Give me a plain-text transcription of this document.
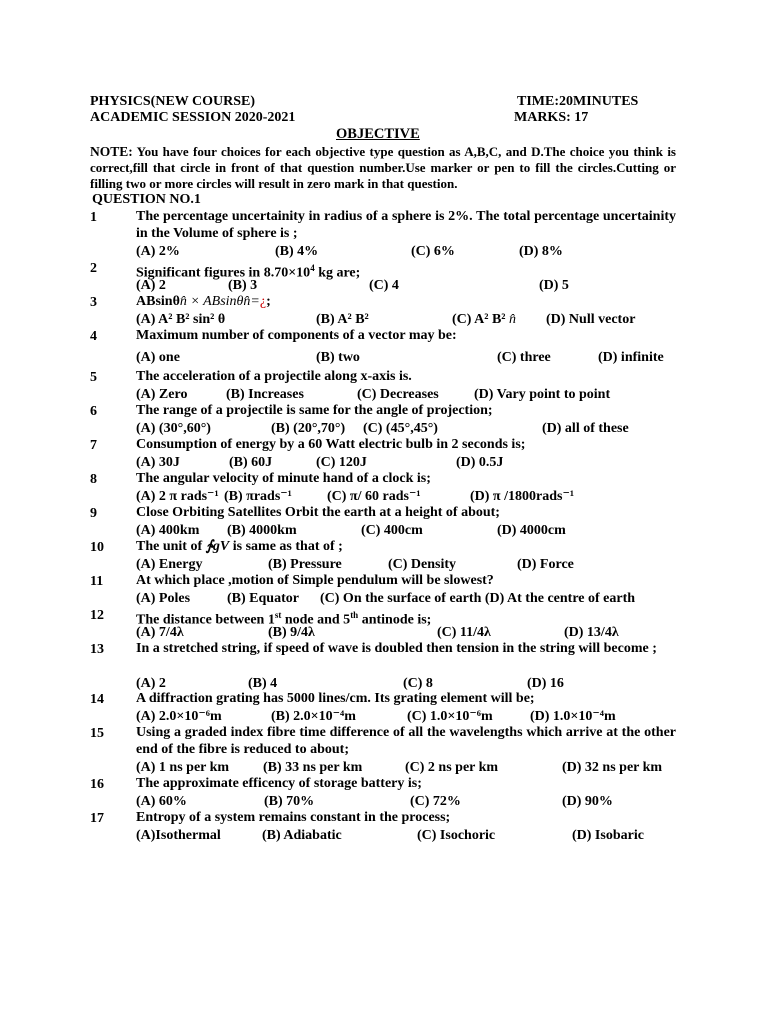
PHYSICS(NEW COURSE)	TIME:20MINUTES
ACADEMIC SESSION 2020-2021	MARKS: 17
OBJECTIVE
NOTE: You have four choices for each objective type question as A,B,C, and D.The choice you think is correct,fill that circle in front of that question number.Use marker or pen to fill the circles.Cutting or filling two or more circles will result in zero mark in that question.
QUESTION NO.1
1	The percentage uncertainity in radius of a sphere is 2%. The total percentage uncertainity in the Volume of sphere is ;
(A) 2%	(B) 4%	(C) 6%	(D) 8%
2	Significant figures in $8.70\times 10^4$ kg are;
(A) 2	(B) 3	(C) 4	(D) 5
3	ABsinθn̂ × ABsinθn̂=¿;
(A) A² B² sin² θ	(B) A² B²	(C) A² B² n̂ (D) Null vector
4	Maximum number of components of a vector may be:
(A) one	(B) two	(C) three	(D) infinite
5	The acceleration of a projectile along x-axis is.
(A) Zero	(B) Increases	(C) Decreases	(D) Vary point to point
6	The range of a projectile is same for the angle of projection;
(A) (30°,60°)	(B) (20°,70°) (C) (45°,45°)	(D) all of these
7	Consumption of energy by a 60 Watt electric bulb in 2 seconds is;
(A) 30J	(B) 60J	(C) 120J	(D) 0.5J
8	The angular velocity of minute hand of a clock is;
(A) 2 π rads⁻¹ (B) πrads⁻¹	(C) π/ 60 rads⁻¹	(D) π /1800rads⁻¹
9	Close Orbiting Satellites Orbit the earth at a height of about;
(A) 400km (B) 4000km	(C) 400cm	(D) 4000cm
10 The unit of ∱gV is same as that of ;
(A) Energy	(B) Pressure	(C) Density	(D) Force
11 At which place ,motion of Simple pendulum will be slowest?
(A) Poles	(B) Equator (C) On the surface of earth (D) At the centre of earth
12 The distance between 1st node and 5th antinode is;
(A) 7/4λ	(B) 9/4λ	(C) 11/4λ	(D) 13/4λ
13 In a stretched string, if speed of wave is doubled then tension in the string will become ;
(A) 2	(B) 4	(C) 8	(D) 16
14 A diffraction grating has 5000 lines/cm. Its grating element will be;
(A) 2.0×10⁻⁶m	(B) 2.0×10⁻⁴m	(C) 1.0×10⁻⁶m	(D) 1.0×10⁻⁴m
15 Using a graded index fibre time difference of all the wavelengths which arrive at the other end of the fibre is reduced to about;
(A) 1 ns per km (B) 33 ns per km	(C) 2 ns per km	(D) 32 ns per km
16 The approximate efficency of storage battery is;
(A) 60%	(B) 70%	(C) 72%	(D) 90%
17 Entropy of a system remains constant in the process;
(A)Isothermal	(B) Adiabatic	(C) Isochoric	(D) Isobaric
